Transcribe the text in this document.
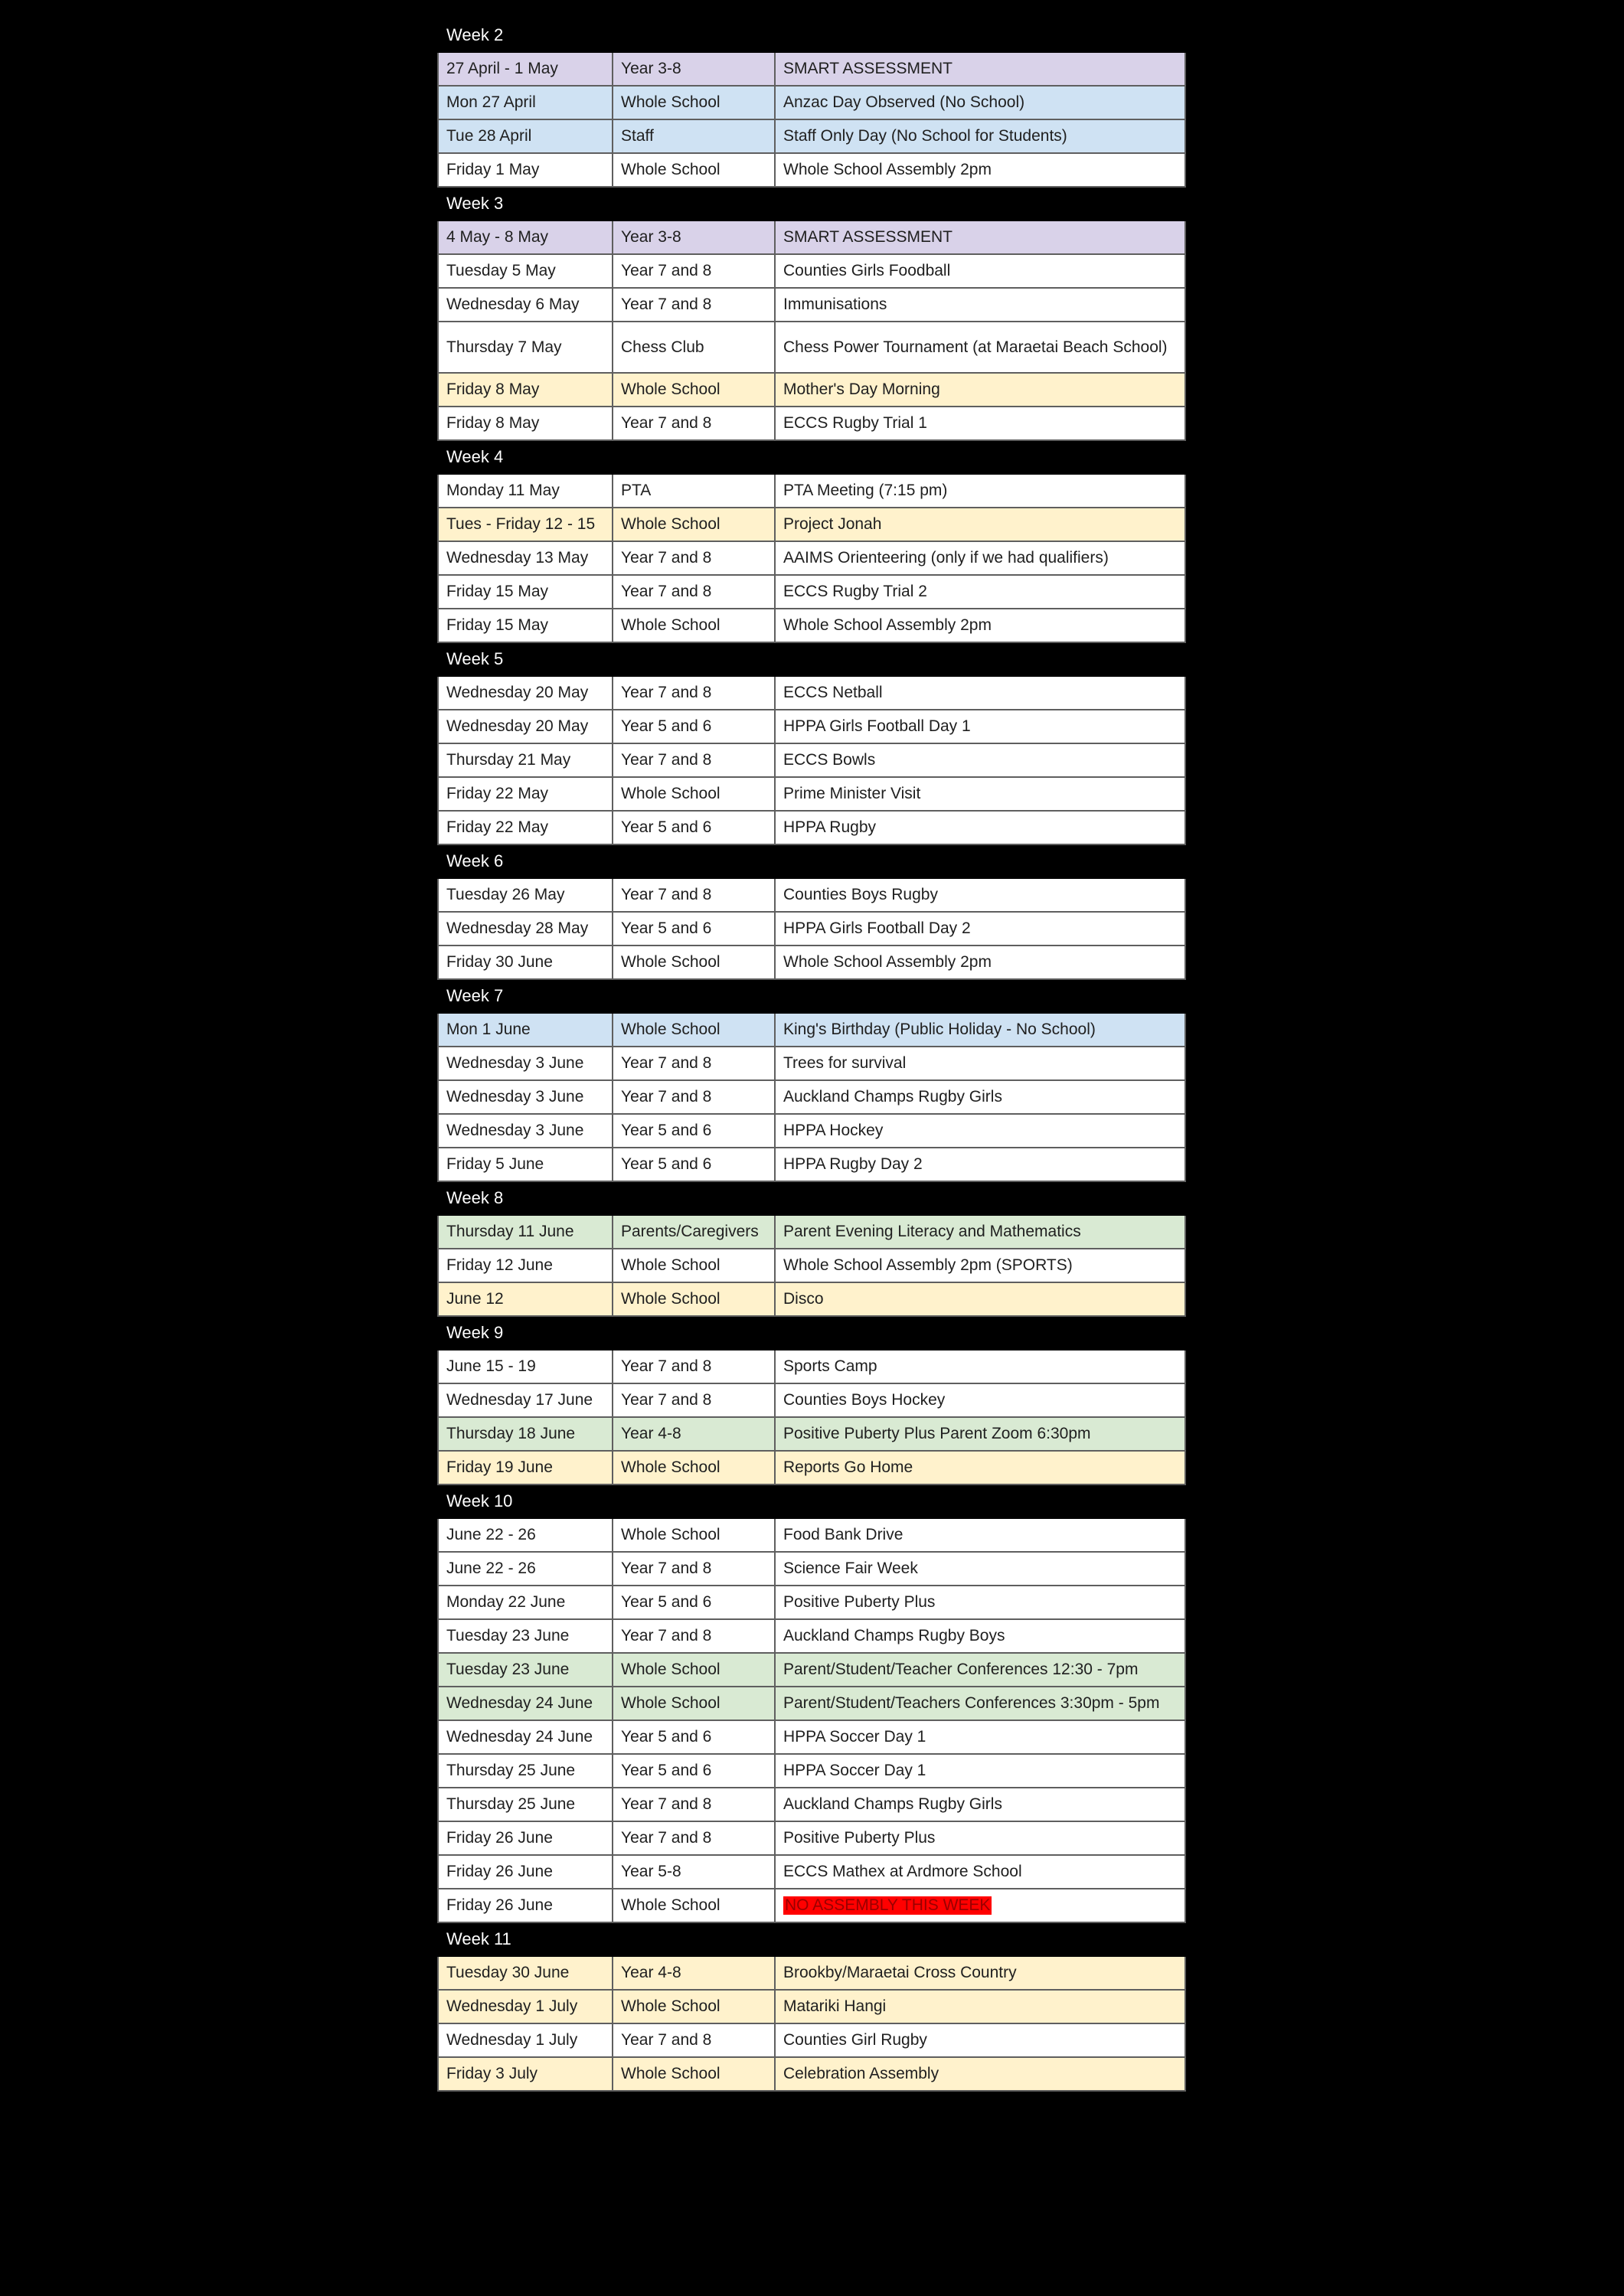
Week 2		
27 April - 1 May	Year 3-8	SMART ASSESSMENT
Mon 27 April	Whole School	Anzac Day Observed (No School)
Tue 28 April	Staff	Staff Only Day (No School for Students)
Friday 1 May	Whole School	Whole School Assembly 2pm
Week 3		
4 May - 8 May	Year 3-8	SMART ASSESSMENT
Tuesday 5 May	Year 7 and 8	Counties Girls Foodball
Wednesday 6 May	Year 7 and 8	Immunisations
Thursday 7 May	Chess Club	Chess Power Tournament (at Maraetai Beach School)
Friday 8 May	Whole School	Mother's Day Morning
Friday 8 May	Year 7 and 8	ECCS Rugby Trial 1
Week 4		
Monday 11 May	PTA	PTA Meeting (7:15 pm)
Tues - Friday 12 - 15	Whole School	Project Jonah
Wednesday 13 May	Year 7 and 8	AAIMS Orienteering (only if we had qualifiers)
Friday 15 May	Year 7 and 8	ECCS Rugby Trial 2
Friday 15 May	Whole School	Whole School Assembly 2pm
Week 5		
Wednesday 20 May	Year 7 and 8	ECCS Netball
Wednesday 20 May	Year 5 and 6	HPPA Girls Football Day 1
Thursday 21 May	Year 7 and 8	ECCS Bowls
Friday 22 May	Whole School	Prime Minister Visit
Friday 22 May	Year 5 and 6	HPPA Rugby
Week 6		
Tuesday 26 May	Year 7 and 8	Counties Boys Rugby
Wednesday 28 May	Year 5 and 6	HPPA Girls Football Day 2
Friday 30 June	Whole School	Whole School Assembly 2pm
Week 7		
Mon 1 June	Whole School	King's Birthday (Public Holiday - No School)
Wednesday 3 June	Year 7 and 8	Trees for survival
Wednesday 3 June	Year 7 and 8	Auckland Champs Rugby Girls
Wednesday 3 June	Year 5 and 6	HPPA Hockey
Friday 5 June	Year 5 and 6	HPPA Rugby Day 2
Week 8		
Thursday 11 June	Parents/Caregivers	Parent Evening Literacy and Mathematics
Friday 12 June	Whole School	Whole School Assembly 2pm (SPORTS)
June 12	Whole School	Disco
Week 9		
June 15 - 19	Year 7 and 8	Sports Camp
Wednesday 17 June	Year 7 and 8	Counties Boys Hockey
Thursday 18 June	Year 4-8	Positive Puberty Plus Parent Zoom 6:30pm
Friday 19 June	Whole School	Reports Go Home
Week 10		
June 22 - 26	Whole School	Food Bank Drive
June 22 - 26	Year 7 and 8	Science Fair Week
Monday 22 June	Year 5 and 6	Positive Puberty Plus
Tuesday 23 June	Year 7 and 8	Auckland Champs Rugby Boys
Tuesday 23 June	Whole School	Parent/Student/Teacher Conferences 12:30 - 7pm
Wednesday 24 June	Whole School	Parent/Student/Teachers Conferences 3:30pm - 5pm
Wednesday 24 June	Year 5 and 6	HPPA Soccer Day 1
Thursday 25 June	Year 5 and 6	HPPA Soccer Day 1
Thursday 25 June	Year 7 and 8	Auckland Champs Rugby Girls
Friday 26 June	Year 7 and 8	Positive Puberty Plus
Friday 26 June	Year 5-8	ECCS Mathex at Ardmore School
Friday 26 June	Whole School	NO ASSEMBLY THIS WEEK
Week 11		
Tuesday 30 June	Year 4-8	Brookby/Maraetai Cross Country
Wednesday 1 July	Whole School	Matariki Hangi
Wednesday 1 July	Year 7 and 8	Counties Girl Rugby
Friday 3 July	Whole School	Celebration Assembly
